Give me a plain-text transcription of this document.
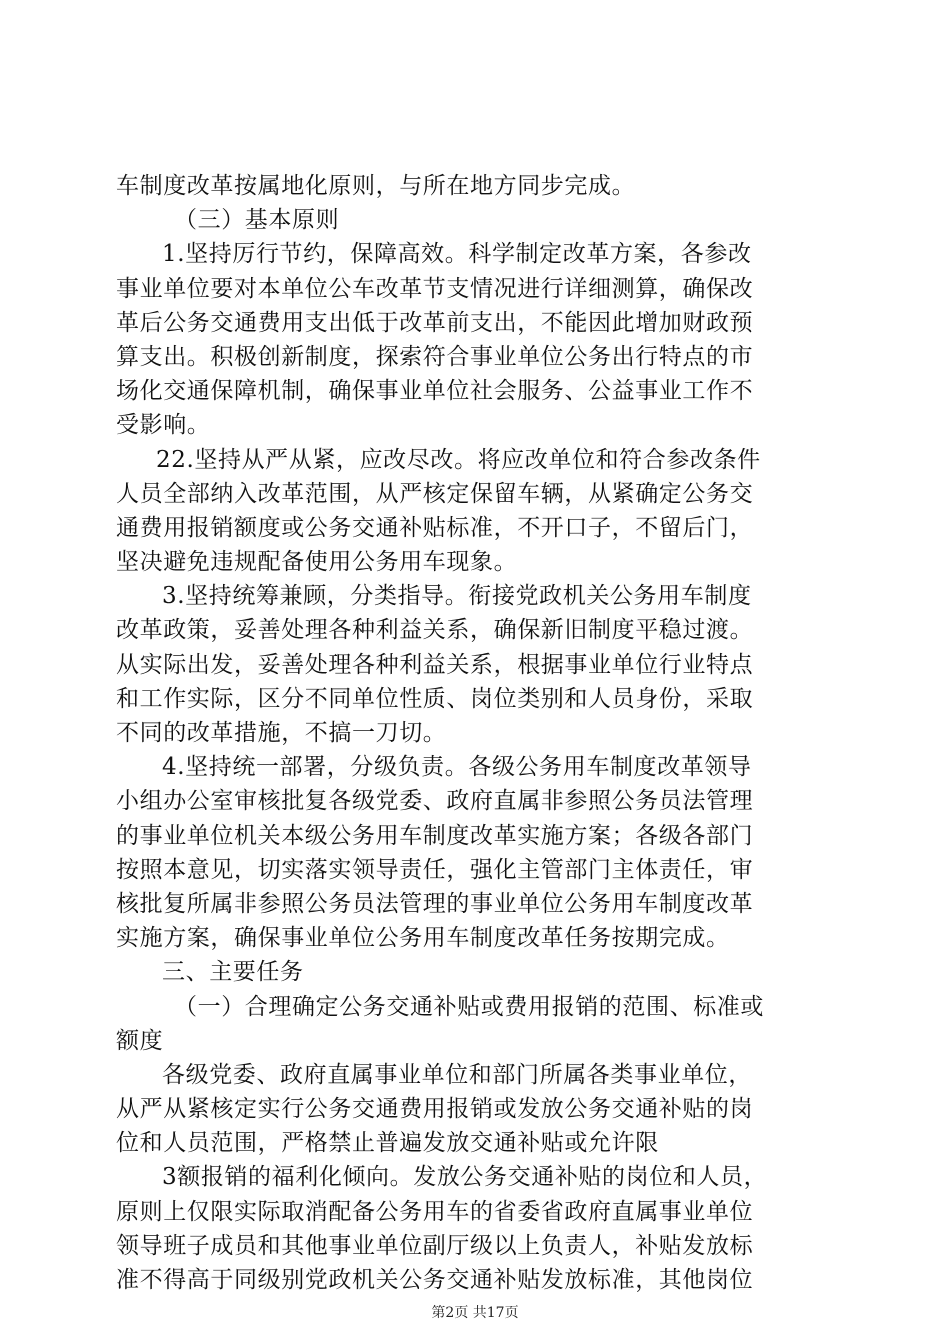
车制度改革按属地化原则，与所在地方同步完成。
（三）基本原则
1.坚持厉行节约，保障高效。科学制定改革方案，各参改
事业单位要对本单位公车改革节支情况进行详细测算，确保改
革后公务交通费用支出低于改革前支出，不能因此增加财政预
算支出。积极创新制度，探索符合事业单位公务出行特点的市
场化交通保障机制，确保事业单位社会服务、公益事业工作不
受影响。
22.坚持从严从紧，应改尽改。将应改单位和符合参改条件
人员全部纳入改革范围，从严核定保留车辆，从紧确定公务交
通费用报销额度或公务交通补贴标准，不开口子，不留后门，
坚决避免违规配备使用公务用车现象。
3.坚持统筹兼顾，分类指导。衔接党政机关公务用车制度
改革政策，妥善处理各种利益关系，确保新旧制度平稳过渡。
从实际出发，妥善处理各种利益关系，根据事业单位行业特点
和工作实际，区分不同单位性质、岗位类别和人员身份，采取
不同的改革措施，不搞一刀切。
4.坚持统一部署，分级负责。各级公务用车制度改革领导
小组办公室审核批复各级党委、政府直属非参照公务员法管理
的事业单位机关本级公务用车制度改革实施方案；各级各部门
按照本意见，切实落实领导责任，强化主管部门主体责任，审
核批复所属非参照公务员法管理的事业单位公务用车制度改革
实施方案，确保事业单位公务用车制度改革任务按期完成。
三、主要任务
（一）合理确定公务交通补贴或费用报销的范围、标准或
额度
各级党委、政府直属事业单位和部门所属各类事业单位，
从严从紧核定实行公务交通费用报销或发放公务交通补贴的岗
位和人员范围，严格禁止普遍发放交通补贴或允许限
3额报销的福利化倾向。发放公务交通补贴的岗位和人员，
原则上仅限实际取消配备公务用车的省委省政府直属事业单位
领导班子成员和其他事业单位副厅级以上负责人，补贴发放标
准不得高于同级别党政机关公务交通补贴发放标准，其他岗位
第2页 共17页
